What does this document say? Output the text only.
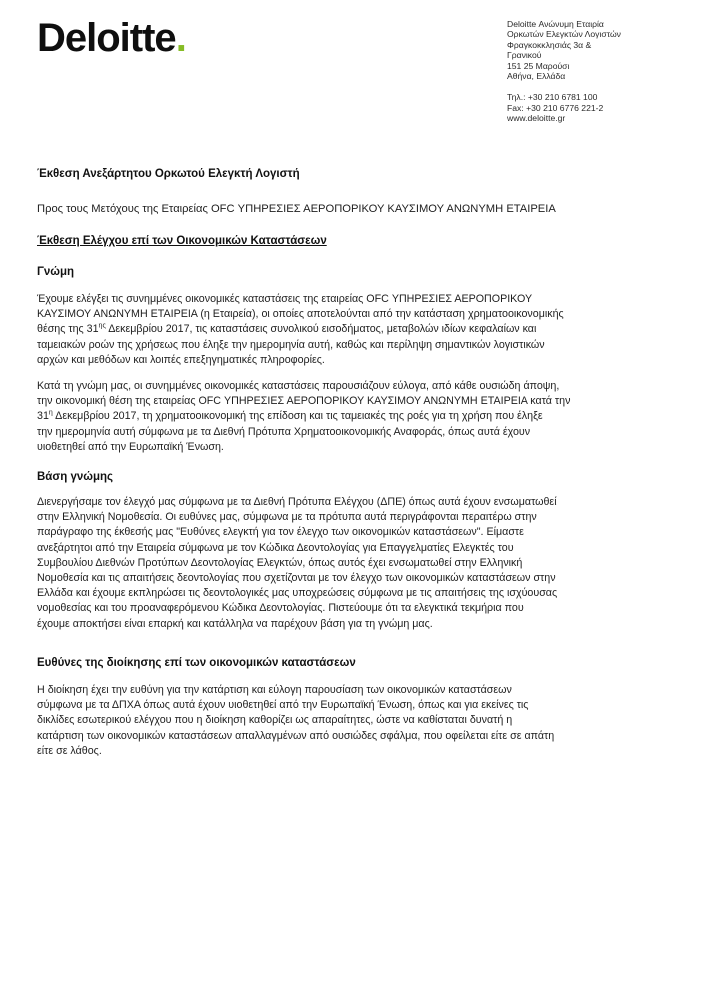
Deloitte.	Deloitte Ανώνυμη Εταιρία
Ορκωτών Ελεγκτών Λογιστών
Φραγκοκκλησιάς 3α &
Γρανικού
151 25 Μαρούσι
Αθήνα, Ελλάδα
Τηλ.: +30 210 6781 100
Fax: +30 210 6776 221-2
www.deloitte.gr
Έκθεση Ανεξάρτητου Ορκωτού Ελεγκτή Λογιστή
Προς τους Μετόχους της Εταιρείας OFC ΥΠΗΡΕΣΙΕΣ ΑΕΡΟΠΟΡΙΚΟΥ ΚΑΥΣΙΜΟΥ ΑΝΩΝΥΜΗ ΕΤΑΙΡΕΙΑ
Έκθεση Ελέγχου επί των Οικονομικών Καταστάσεων
Γνώμη
Έχουμε ελέγξει τις συνημμένες οικονομικές καταστάσεις της εταιρείας OFC ΥΠΗΡΕΣΙΕΣ ΑΕΡΟΠΟΡΙΚΟΥ
ΚΑΥΣΙΜΟΥ ΑΝΩΝΥΜΗ ΕΤΑΙΡΕΙΑ (η Εταιρεία), οι οποίες αποτελούνται από την κατάσταση χρηματοοικονομικής
θέσης της $31^{\eta\varsigma}$ Δεκεμβρίου 2017, τις καταστάσεις συνολικού εισοδήματος, μεταβολών ιδίων κεφαλαίων και
ταμειακών ροών της χρήσεως που έληξε την ημερομηνία αυτή, καθώς και περίληψη σημαντικών λογιστικών
αρχών και μεθόδων και λοιπές επεξηγηματικές πληροφορίες.
Κατά τη γνώμη μας, οι συνημμένες οικονομικές καταστάσεις παρουσιάζουν εύλογα, από κάθε ουσιώδη άποψη,
την οικονομική θέση της εταιρείας OFC ΥΠΗΡΕΣΙΕΣ ΑΕΡΟΠΟΡΙΚΟΥ ΚΑΥΣΙΜΟΥ ΑΝΩΝΥΜΗ ΕΤΑΙΡΕΙΑ κατά την
$31^\eta$ Δεκεμβρίου 2017, τη χρηματοοικονομική της επίδοση και τις ταμειακές της ροές για τη χρήση που έληξε
την ημερομηνία αυτή σύμφωνα με τα Διεθνή Πρότυπα Χρηματοοικονομικής Αναφοράς, όπως αυτά έχουν
υιοθετηθεί από την Ευρωπαϊκή Ένωση.
Βάση γνώμης
Διενεργήσαμε τον έλεγχό μας σύμφωνα με τα Διεθνή Πρότυπα Ελέγχου (ΔΠΕ) όπως αυτά έχουν ενσωματωθεί
στην Ελληνική Νομοθεσία. Οι ευθύνες μας, σύμφωνα με τα πρότυπα αυτά περιγράφονται περαιτέρω στην
παράγραφο της έκθεσής μας "Ευθύνες ελεγκτή για τον έλεγχο των οικονομικών καταστάσεων". Είμαστε
ανεξάρτητοι από την Εταιρεία σύμφωνα με τον Κώδικα Δεοντολογίας για Επαγγελματίες Ελεγκτές του
Συμβουλίου Διεθνών Προτύπων Δεοντολογίας Ελεγκτών, όπως αυτός έχει ενσωματωθεί στην Ελληνική
Νομοθεσία και τις απαιτήσεις δεοντολογίας που σχετίζονται με τον έλεγχο των οικονομικών καταστάσεων στην
Ελλάδα και έχουμε εκπληρώσει τις δεοντολογικές μας υποχρεώσεις σύμφωνα με τις απαιτήσεις της ισχύουσας
νομοθεσίας και του προαναφερόμενου Κώδικα Δεοντολογίας. Πιστεύουμε ότι τα ελεγκτικά τεκμήρια που
έχουμε αποκτήσει είναι επαρκή και κατάλληλα να παρέχουν βάση για τη γνώμη μας.
Ευθύνες της διοίκησης επί των οικονομικών καταστάσεων
Η διοίκηση έχει την ευθύνη για την κατάρτιση και εύλογη παρουσίαση των οικονομικών καταστάσεων
σύμφωνα με τα ΔΠΧΑ όπως αυτά έχουν υιοθετηθεί από την Ευρωπαϊκή Ένωση, όπως και για εκείνες τις
δικλίδες εσωτερικού ελέγχου που η διοίκηση καθορίζει ως απαραίτητες, ώστε να καθίσταται δυνατή η
κατάρτιση των οικονομικών καταστάσεων απαλλαγμένων από ουσιώδες σφάλμα, που οφείλεται είτε σε απάτη
είτε σε λάθος.
